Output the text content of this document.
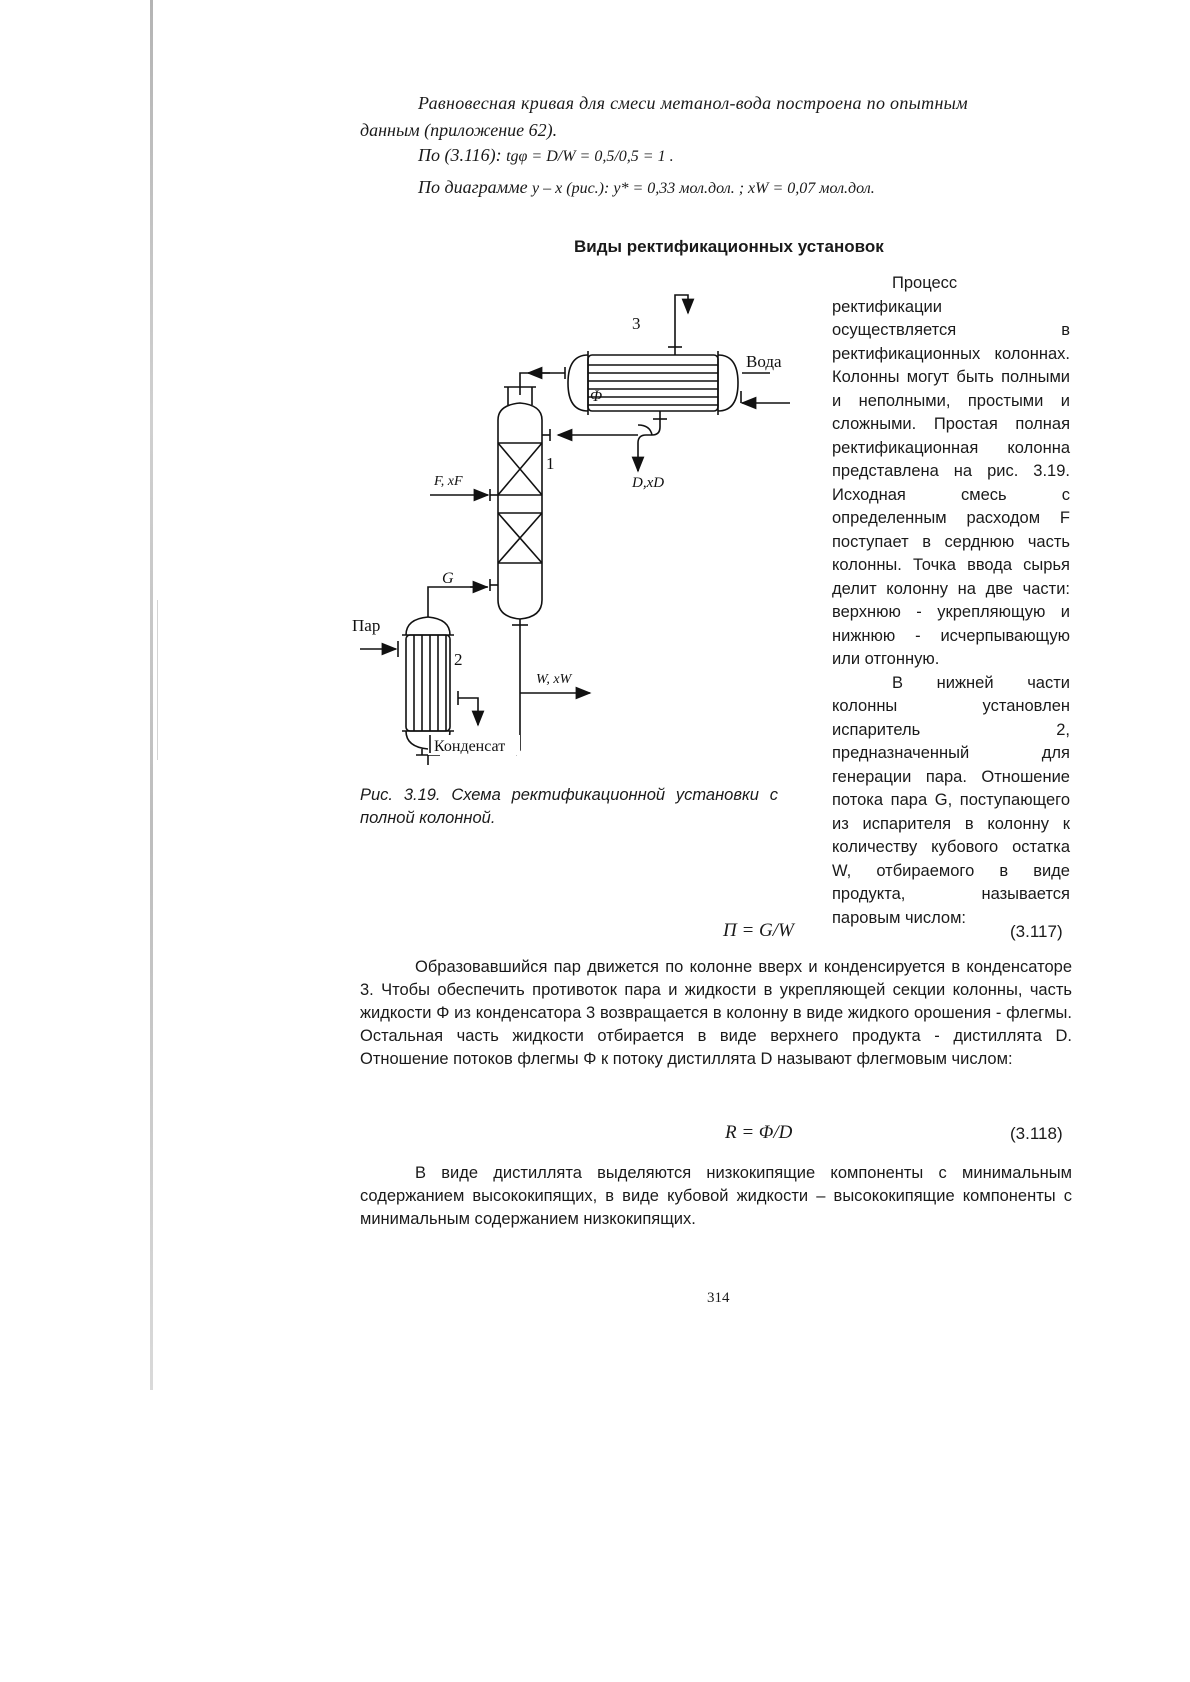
Равновесная кривая для смеси метанол-вода построена по опытным

данным (приложение 62).

По (3.116): tgφ = D/W = 0,5/0,5 = 1 .
По диаграмме y – x (рис.): y* = 0,33 мол.дол. ; xW = 0,07 мол.дол.
Виды ректификационных установок
3
Вода
Φ
1
F, xF	D,xD
G
Пар
2
W, xW
Конденсат

Рис. 3.19. Схема ректификационной установки с полной колонной.

Процесс ректификации осуществляется в ректификационных колоннах. Колонны могут быть полными и неполными, простыми и сложными. Простая полная ректификационная колонна представлена на рис. 3.19. Исходная смесь с определенным расходом F поступает в серднюю часть колонны. Точка ввода сырья делит колонну на две части: верхнюю - укрепляющую и нижнюю - исчерпывающую или отгонную.

В нижней части колонны установлен испаритель 2, предназначенный для генерации пара. Отношение потока пара G, поступающего из испарителя в колонну к количеству кубового остатка W, отбираемого в виде продукта, называется паровым числом:

П = G/W	(3.117)

Образовавшийся пар движется по колонне вверх и конденсируется в конденсаторе 3. Чтобы обеспечить противоток пара и жидкости в укрепляющей секции колонны, часть жидкости Φ из конденсатора 3 возвращается в колонну в виде жидкого орошения - флегмы. Остальная часть жидкости отбирается в виде верхнего продукта - дистиллята D. Отношение потоков флегмы Φ к потоку дистиллята D называют флегмовым числом:

R = Φ/D	(3.118)

В виде дистиллята выделяются низкокипящие компоненты с минимальным содержанием высококипящих, в виде кубовой жидкости – высококипящие компоненты с минимальным содержанием низкокипящих.

314
